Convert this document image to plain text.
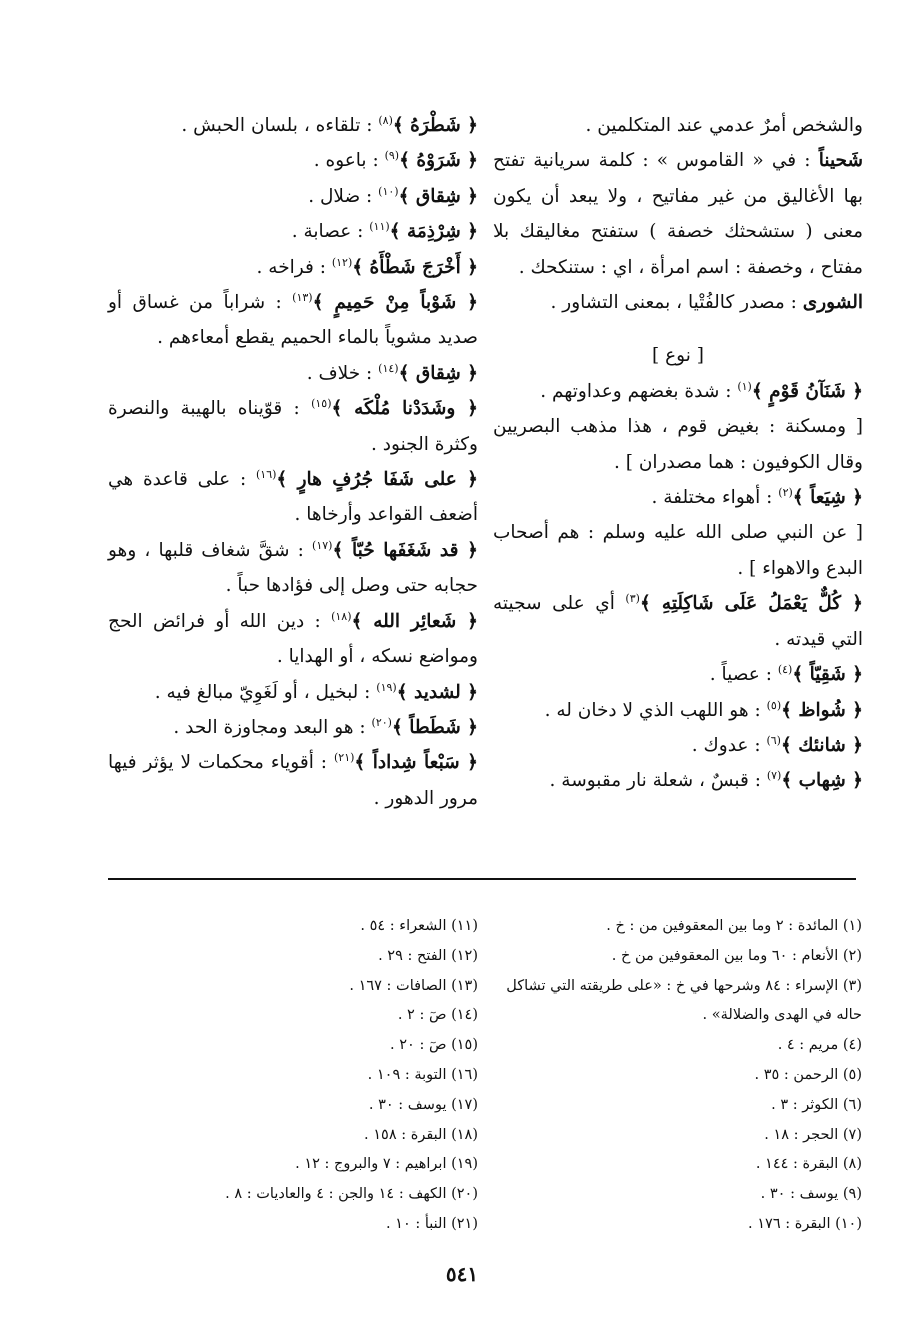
والشخص أمرٌ عدمي عند المتكلمين .

شَحيناً : في « القاموس » : كلمة سريانية تفتح بها الأغاليق من غير مفاتيح ، ولا يبعد أن يكون معنى ( ستشحثك خصفة ) ستفتح مغاليقك بلا مفتاح ، وخصفة : اسم امرأة ، اي : ستنكحك .

الشورى : مصدر كالفُتْيا ، بمعنى التشاور .

[ نوع ]

﴿ شَنَآنُ قَوْمٍ ﴾$^{(١)}$ : شدة بغضهم وعداوتهم .

[ ومسكنة : بغيض قوم ، هذا مذهب البصريين وقال الكوفيون : هما مصدران ] .

﴿ شِيَعاً ﴾$^{(٢)}$ : أهواء مختلفة .

[ عن النبي صلى الله عليه وسلم : هم أصحاب البدع والاهواء ] .

﴿ كُلٌّ يَعْمَلُ عَلَى شَاكِلَتِهِ ﴾$^{(٣)}$ أي على سجيته التي قيدته .

﴿ شَقِيّاً ﴾$^{(٤)}$ : عصياً .

﴿ شُواظ ﴾$^{(٥)}$ : هو اللهب الذي لا دخان له .

﴿ شانئك ﴾$^{(٦)}$ : عدوك .

﴿ شِهاب ﴾$^{(٧)}$ : قبسٌ ، شعلة نار مقبوسة .

﴿ شَطْرَهُ ﴾$^{(٨)}$ : تلقاءه ، بلسان الحبش .

﴿ شَرَوْهُ ﴾$^{(٩)}$ : باعوه .

﴿ شِقاق ﴾$^{(١٠)}$ : ضلال .

﴿ شِرْذِمَة ﴾$^{(١١)}$ : عصابة .

﴿ أَخْرَجَ شَطْأَهُ ﴾$^{(١٢)}$ : فراخه .

﴿ شَوْباً مِنْ حَمِيمٍ ﴾$^{(١٣)}$ : شراباً من غساق أو صديد مشوياً بالماء الحميم يقطع أمعاءهم .

﴿ شِقاق ﴾$^{(١٤)}$ : خلاف .

﴿ وشَدَدْنا مُلْكَه ﴾$^{(١٥)}$ : قوّيناه بالهيبة والنصرة وكثرة الجنود .

﴿ على شَفَا جُرُفٍ هارٍ ﴾$^{(١٦)}$ : على قاعدة هي أضعف القواعد وأرخاها .

﴿ قد شَغَفَها حُبّاً ﴾$^{(١٧)}$ : شقَّ شغاف قلبها ، وهو حجابه حتى وصل إلى فؤادها حباً .

﴿ شَعائِر الله ﴾$^{(١٨)}$ : دين الله أو فرائض الحج ومواضع نسكه ، أو الهدايا .

﴿ لشديد ﴾$^{(١٩)}$ : لبخيل ، أو لَغَوِيّ مبالغ فيه .

﴿ شَطَطاً ﴾$^{(٢٠)}$ : هو البعد ومجاوزة الحد .

﴿ سَبْعاً شِداداً ﴾$^{(٢١)}$ : أقوياء محكمات لا يؤثر فيها مرور الدهور .

(١) المائدة : ٢ وما بين المعقوفين من : خ .

(٢) الأنعام : ٦٠ وما بين المعقوفين من خ .

(٣) الإسراء : ٨٤ وشرحها في خ : «على طريقته التي تشاكل حاله في الهدى والضلالة» .

(٤) مريم : ٤ .

(٥) الرحمن : ٣٥ .

(٦) الكوثر : ٣ .

(٧) الحجر : ١٨ .

(٨) البقرة : ١٤٤ .

(٩) يوسف : ٣٠ .

(١٠) البقرة : ١٧٦ .

(١١) الشعراء : ٥٤ .

(١٢) الفتح : ٢٩ .

(١٣) الصافات : ١٦٧ .

(١٤) صٓ : ٢ .

(١٥) صٓ : ٢٠ .

(١٦) التوبة : ١٠٩ .

(١٧) يوسف : ٣٠ .

(١٨) البقرة : ١٥٨ .

(١٩) ابراهيم : ٧ والبروج : ١٢ .

(٢٠) الكهف : ١٤ والجن : ٤ والعاديات : ٨ .

(٢١) النبأ : ١٠ .

٥٤١
